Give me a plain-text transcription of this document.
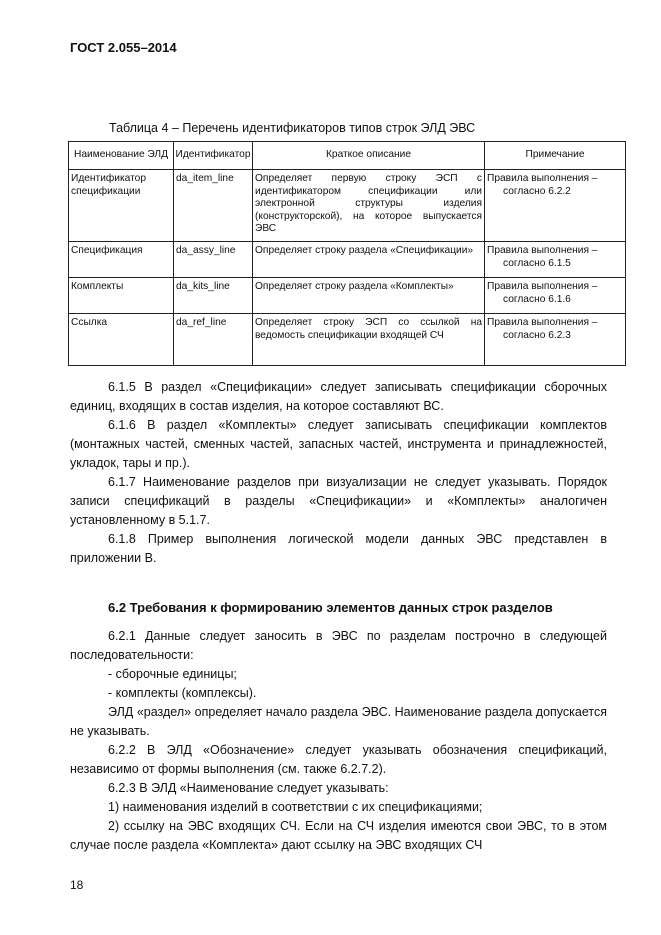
ГОСТ 2.055–2014
Таблица 4 – Перечень идентификаторов типов строк ЭЛД ЭВС
Наименование ЭЛД	Идентификатор	Краткое описание	Примечание
Идентификатор спецификации	da_item_line	Определяет первую строку ЭСП с идентификатором спецификации или электронной структуры изделия (конструкторской), на которое выпускается ЭВС	Правила выполнения –
согласно 6.2.2

Спецификация	da_assy_line	Определяет строку раздела «Спецификации»	Правила выполнения –
согласно 6.1.5

Комплекты	da_kits_line	Определяет строку раздела «Комплекты»	Правила выполнения –
согласно 6.1.6

Ссылка	da_ref_line	Определяет строку ЭСП со ссылкой на ведомость спецификации входящей СЧ	Правила выполнения –
согласно 6.2.3

6.1.5 В раздел «Спецификации» следует записывать спецификации сборочных единиц, входящих в состав изделия, на которое составляют ВС.

6.1.6 В раздел «Комплекты» следует записывать спецификации комплектов (монтажных частей, сменных частей, запасных частей, инструмента и принадлежностей, укладок, тары и пр.).

6.1.7 Наименование разделов при визуализации не следует указывать. Порядок записи спецификаций в разделы «Спецификации» и «Комплекты» аналогичен установленному в 5.1.7.

6.1.8 Пример выполнения логической модели данных ЭВС представлен в приложении В.

6.2 Требования к формированию элементов данных строк разделов

6.2.1 Данные следует заносить в ЭВС по разделам построчно в следующей последовательности:

- сборочные единицы;

- комплекты (комплексы).

ЭЛД «раздел» определяет начало раздела ЭВС. Наименование раздела допускается не указывать.

6.2.2 В ЭЛД «Обозначение» следует указывать обозначения спецификаций, независимо от формы выполнения (см. также 6.2.7.2).

6.2.3 В ЭЛД «Наименование следует указывать:

1) наименования изделий в соответствии с их спецификациями;

2) ссылку на ЭВС входящих СЧ. Если на СЧ изделия имеются свои ЭВС, то в этом случае после раздела «Комплекта» дают ссылку на ЭВС входящих СЧ

18
